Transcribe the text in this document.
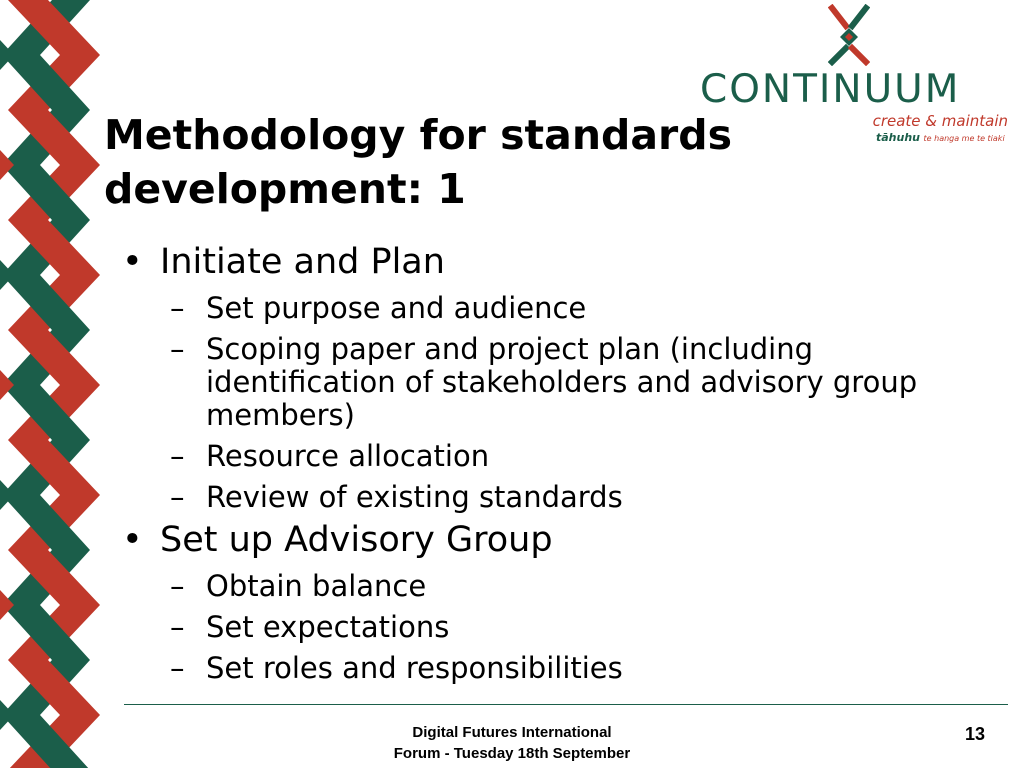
CONTINUUM
create & maintain
tāhuhu te hanga me te tiaki
Methodology for standards
development: 1
• Initiate and Plan
– Set purpose and audience
– Scoping paper and project plan (including identification of stakeholders and advisory group members)
– Resource allocation
– Review of existing standards
• Set up Advisory Group
– Obtain balance
– Set expectations
– Set roles and responsibilities
Digital Futures International
Forum - Tuesday 18th September
13
